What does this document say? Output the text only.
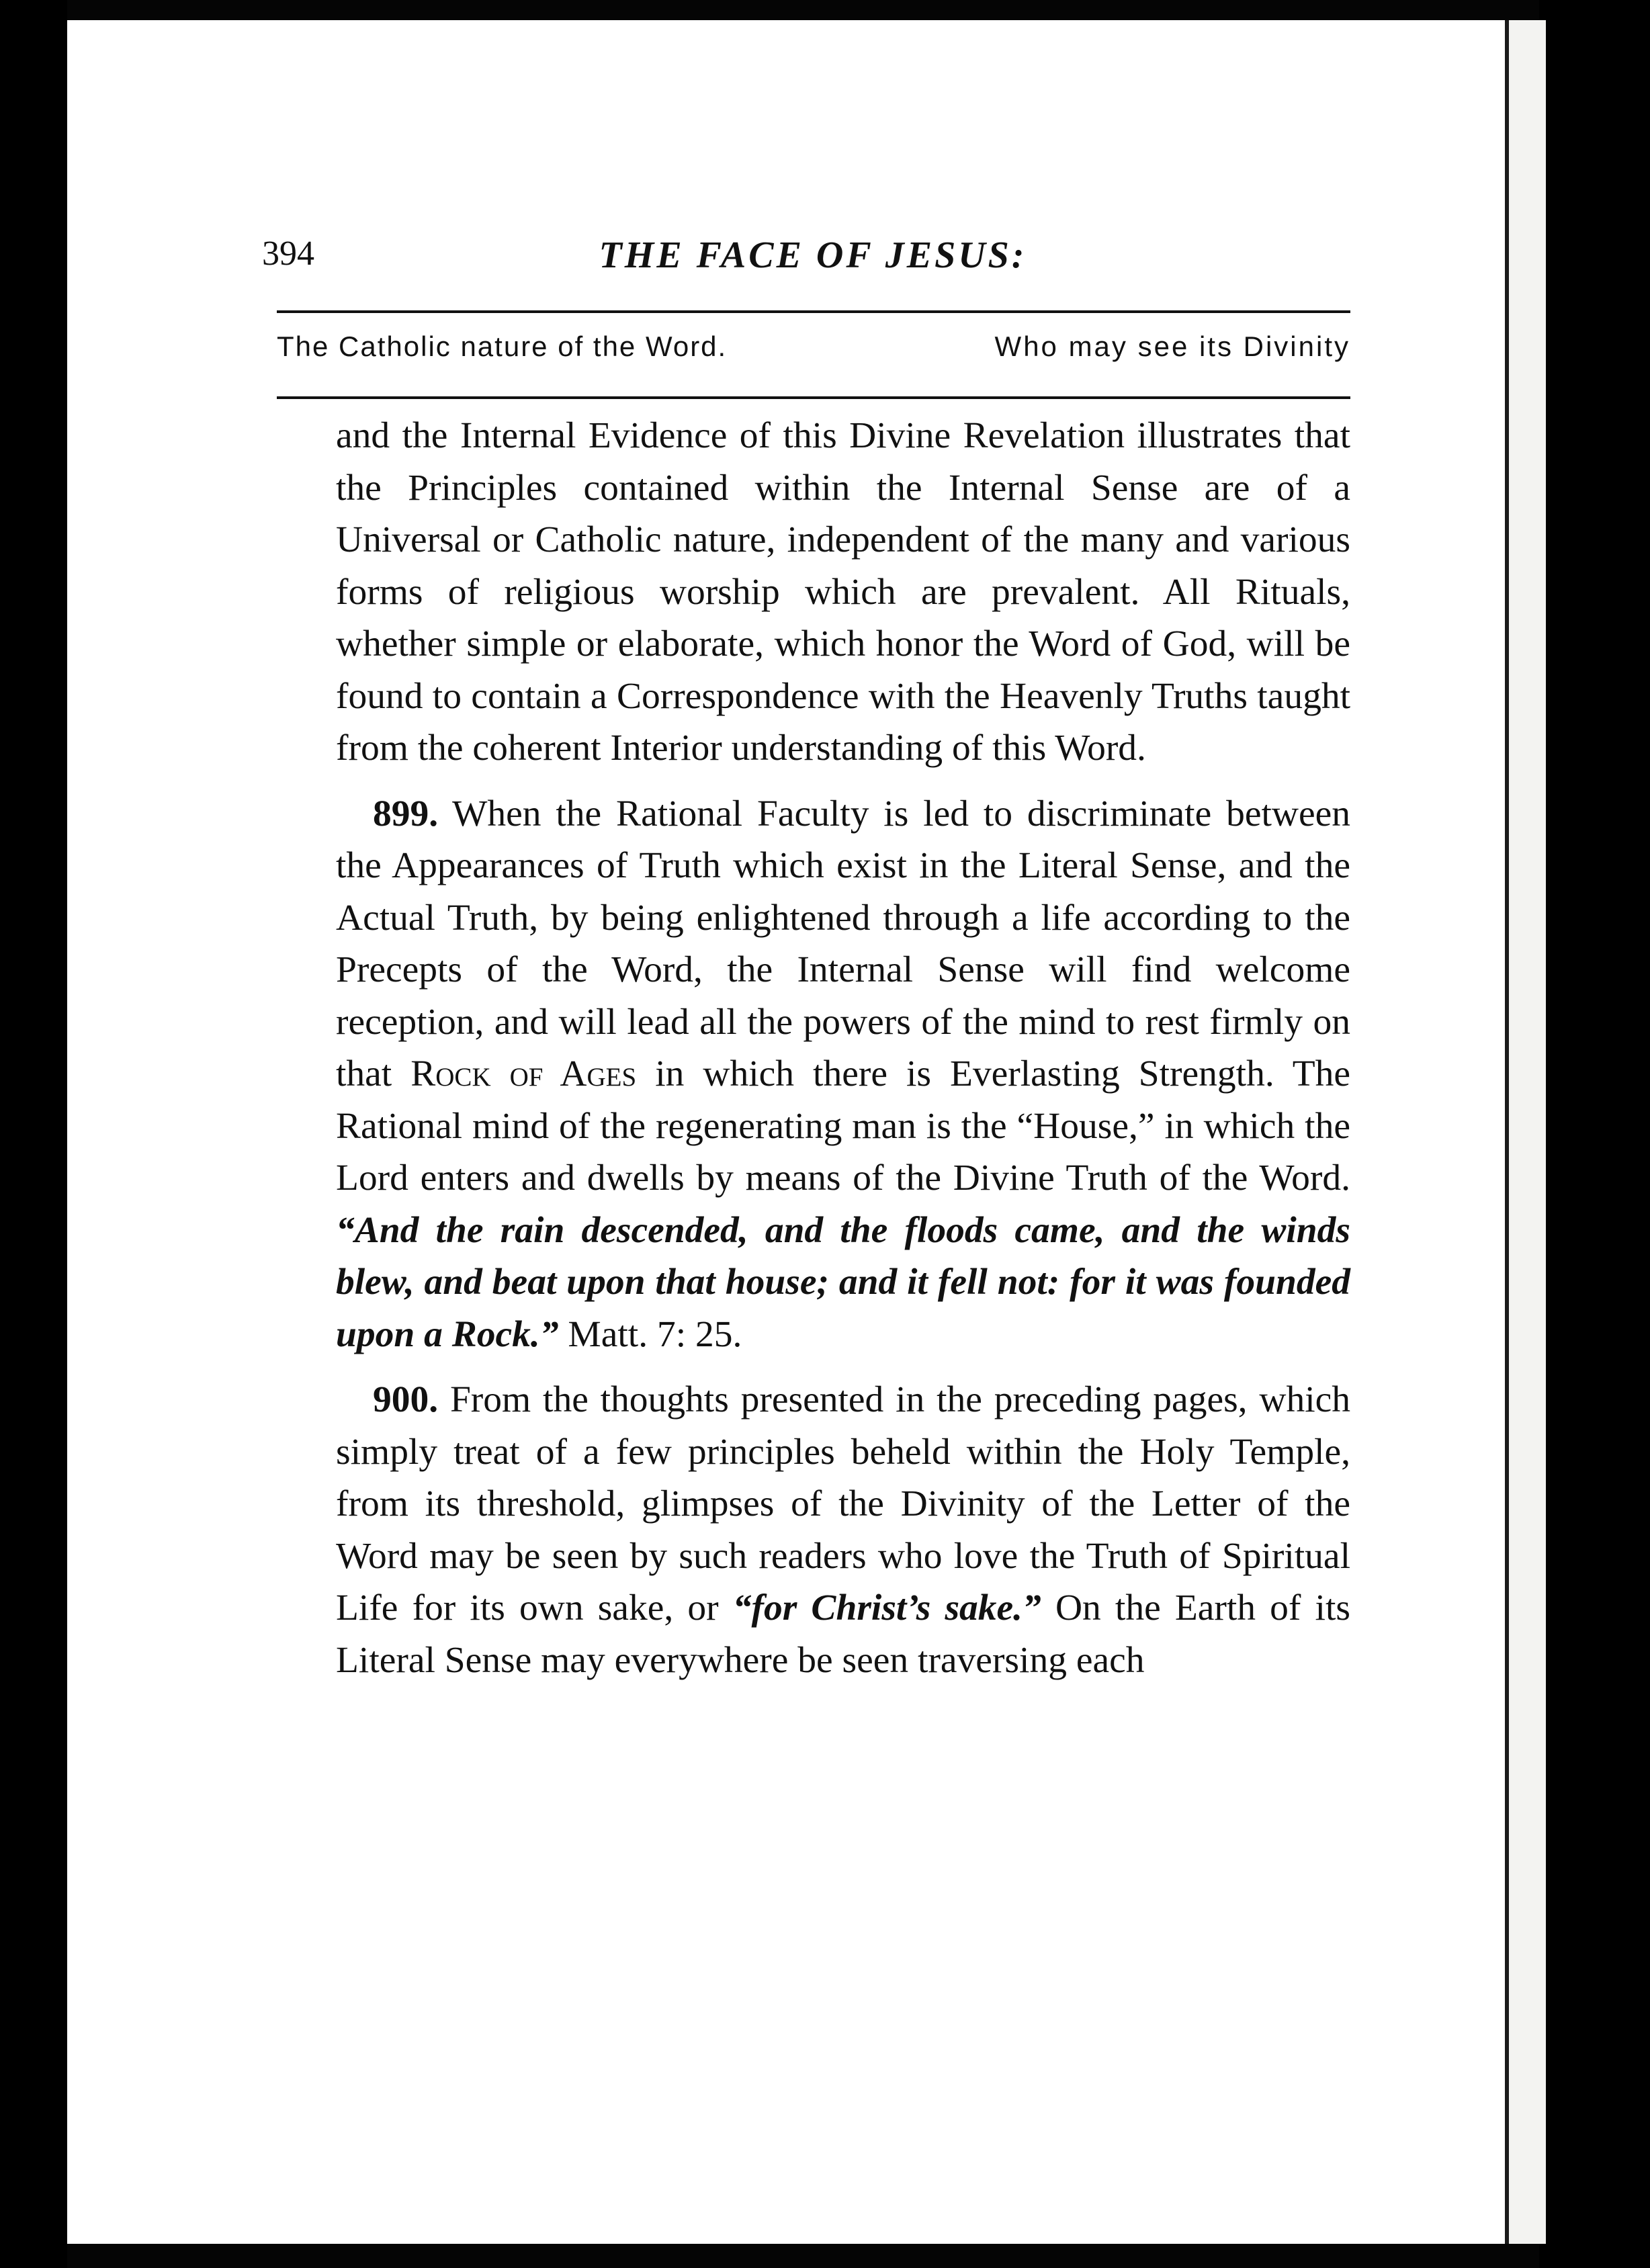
394	THE FACE OF JESUS:
The Catholic nature of the Word.	Who may see its Divinity

and the Internal Evidence of this Divine Revelation illustrates that the Principles contained within the Internal Sense are of a Universal or Catholic nature, independent of the many and various forms of religious worship which are prevalent. All Rituals, whether simple or elaborate, which honor the Word of God, will be found to contain a Correspondence with the Heavenly Truths taught from the coherent Interior understanding of this Word.

899. When the Rational Faculty is led to discriminate between the Appearances of Truth which exist in the Literal Sense, and the Actual Truth, by being enlightened through a life according to the Precepts of the Word, the Internal Sense will find welcome reception, and will lead all the powers of the mind to rest firmly on that Rock of Ages in which there is Everlasting Strength. The Rational mind of the regenerating man is the “House,” in which the Lord enters and dwells by means of the Divine Truth of the Word. “And the rain descended, and the floods came, and the winds blew, and beat upon that house; and it fell not: for it was founded upon a Rock.” Matt. 7: 25.

900. From the thoughts presented in the preceding pages, which simply treat of a few principles beheld within the Holy Temple, from its threshold, glimpses of the Divinity of the Letter of the Word may be seen by such readers who love the Truth of Spiritual Life for its own sake, or “for Christ’s sake.” On the Earth of its Literal Sense may everywhere be seen traversing each
